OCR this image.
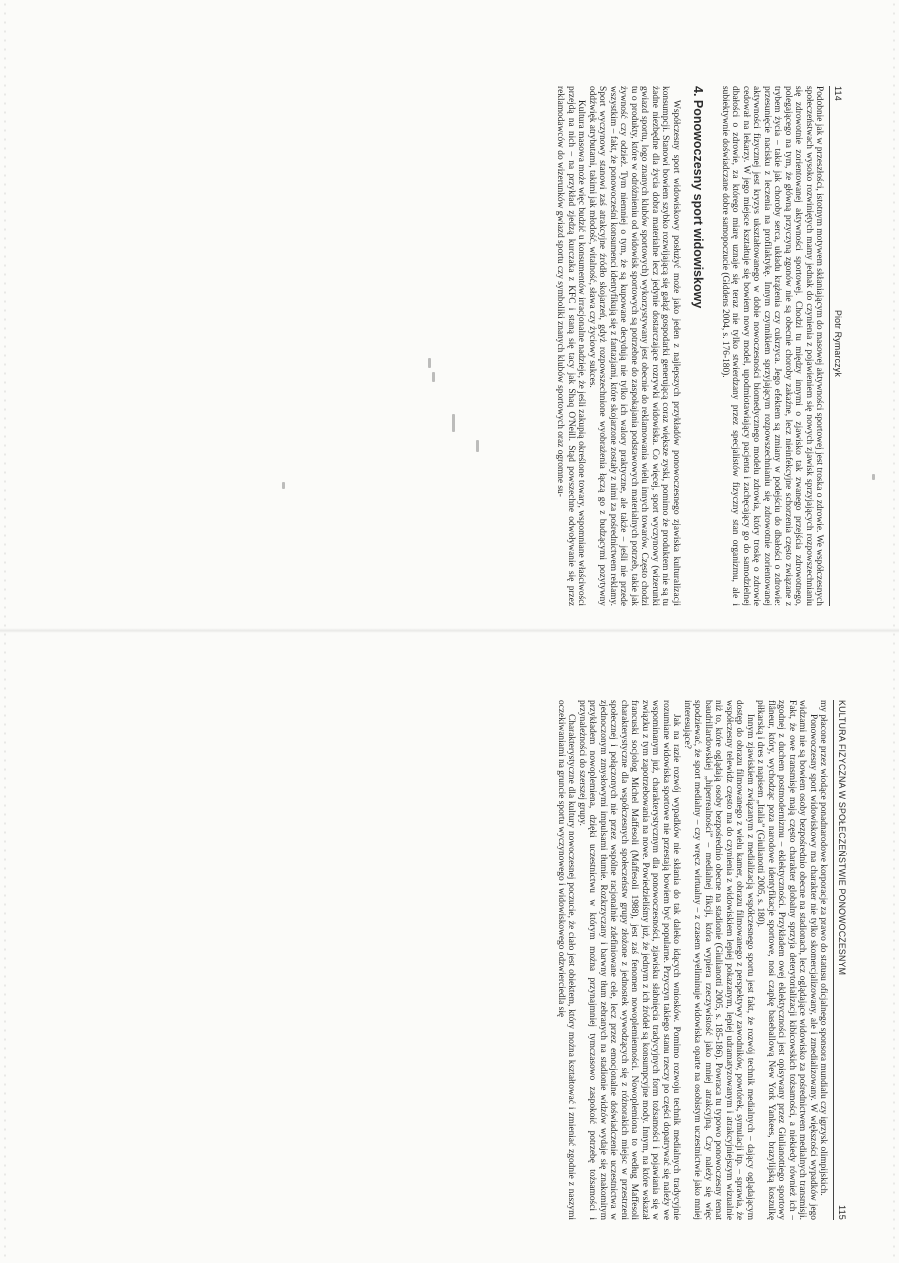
114
Piotr Rymarczyk

Podobnie jak w przeszłości, istotnym motywem skłaniającym do masowej aktywności sportowej jest troska o zdrowie. We współczesnych społeczeństwach wysoko rozwiniętych mamy jednak do czynienia z pojawieniem się nowych zjawisk sprzyjających rozpowszechnianiu się zdrowotnie zorientowanej aktywności sportowej. Chodzi tu między innymi o zjawisko tak zwanego przejścia zdrowotnego, polegającego na tym, że główną przyczyną zgonów nie są obecnie choroby zakaźne, lecz nieinfekcyjne schorzenia często związane z trybem życia – takie jak choroby serca, układu krążenia czy cukrzyca. Jego efektem są zmiany w podejściu do dbałości o zdrowie: przesunięcie nacisku z leczenia na profilaktykę. Innym czynnikiem sprzyjającym rozpowszechnianiu się zdrowotnie zorientowanej aktywności fizycznej jest kryzys ukształtowanego w dobie nowoczesności biomedycznego modelu zdrowia, który troskę o zdrowie cedował na lekarzy. W jego miejsce kształtuje się bowiem nowy model, upodmiotawiający pacjenta i zachęcający go do samodzielnej dbałości o zdrowie, za którego miarę uznaje się teraz nie tylko stwierdzany przez specjalistów fizyczny stan organizmu, ale i subiektywnie doświadczane dobre samopoczucie (Giddens 2004, s. 176-180).

4. Ponowoczesny sport widowiskowy

Współczesny sport widowiskowy posłużyć może jako jeden z najlepszych przykładów ponowoczesnego zjawiska kulturalizacji konsumpcji. Stanowi bowiem szybko rozwijającą się gałąź gospodarki generującą coraz większe zyski, pomimo że produktem nie są tu żadne niezbędne dla życia dobra materialne lecz jedynie dostarczające rozrywki widowiska. Co więcej, sport wyczynowy (wizerunki gwiazd sportu, logo znanych klubów sportowych) wykorzystywany jest obecnie do reklamowania wielu innych towarów. Często chodzi tu o produkty, które w odróżnieniu od widowisk sportowych są potrzebne do zaspokajania podstawowych materialnych potrzeb, takie jak żywność czy odzież. Tym niemniej o tym, że są kupowane decydują nie tylko ich walory praktyczne, ale także – jeśli nie przede wszystkim – fakt, że ponowocześni konsumenci identyfikują się z fantazjami, które skojarzone zostały z nimi za pośrednictwem reklamy. Sport wyczynowy stanowi zaś atrakcyjne źródło skojarzeń, gdyż rozpowszechnione wyobrażenia łączą go z budzącymi pozytywny oddźwięk atrybutami, takimi jak młodość, witalność, sława czy życiowy sukces.

Kultura masowa może więc budzić u konsumentów irracjonalne nadzieje, że jeśli zakupią określone towary, wspomniane właściwości przejdą na nich – na przykład zjedzą kurczaka z KFC i staną się tacy jak Shaq O'Neill. Stąd powszechne odwoływanie się przez reklamodawców do wizerunków gwiazd sportu czy symboliki znanych klubów sportowych oraz ogromne su-

KULTURA FIZYCZNA W SPOŁECZEŃSTWIE PONOWOCZESNYM
115

my płacone przez wiodące ponadnarodowe korporacje za prawo do statusu oficjalnego sponsora mundialu czy igrzysk olimpijskich.

Ponowoczesny sport widowiskowy ma charakter nie tylko skomercjalizowany, ale i zmedializowany. W większości wypadków jego widzami nie są bowiem osoby bezpośrednio obecne na stadionach, lecz oglądające widowisko za pośrednictwem medialnych transmisji. Fakt, że owe transmisje mają często charakter globalny sprzyja deterytorializacji kibicowskich tożsamości, a niekiedy również ich – zgodnej z duchem postmodernizmu – eklektyczności. Przykładem owej eklektyczności jest opisywany przez Giulianottiego sportowy flâneur, który, wychodząc poza narodowe identyfikacje sportowe, nosi czapkę baseballową New York Yankees, brazylijską koszulkę piłkarską i dres z napisem „Italia” (Giulianotti 2005, s. 180).

Innym zjawiskiem związanym z medializacją współczesnego sportu jest fakt, że rozwój technik medialnych – dający oglądającym dostęp do obrazu filmowanego z wielu kamer, obrazu filmowanego z perspektywy zawodników, powtórek, symulacji itp. – sprawia, że współczesny telewidz często ma do czynienia z widowiskiem lepiej pokazanym, lepiej udramatyzowanym i atrakcyjniejszym wizualnie niż to, które oglądają osoby bezpośrednio obecne na stadionie (Giulianotti 2005, s. 185-186). Powraca tu typowo ponowoczesny temat baudrillardowskiej „hiperrealności” – medialnej fikcji, która wypiera rzeczywistość jako mniej atrakcyjną. Czy należy się więc spodziewać, że sport medialny – czy wręcz wirtualny – z czasem wyeliminuje widowiska oparte na osobistym uczestnictwie jako mniej interesujące?

Jak na razie rozwój wypadków nie skłania do tak daleko idących wniosków. Pomimo rozwoju technik medialnych tradycyjnie rozumiane widowiska sportowe nie przestają bowiem być popularne. Przyczyn takiego stanu rzeczy po części dopatrywać się należy we wspominanym już, charakterystycznym dla ponowoczesności, zjawisku słabnięcia tradycyjnych form tożsamości i pojawiania się w związku z tym zapotrzebowania na nowe. Powiedzieliśmy już, że jednym z ich źródeł są konsumpcyjne mody. Innym, na które wskazał francuski socjolog Michel Maffesoli (Maffesoli 1988), jest zaś fenomen nowoplemienności. Nowoplemiona to według Maffesoli charakterystyczne dla współczesnych społeczeństw grupy złożone z jednostek wywodzących się z różnorakich miejsc w przestrzeni społecznej i połączonych nie przez wspólne racjonalnie zdefiniowane cele, lecz przez emocjonalne doświadczenie uczestnictwa w zjednoczonym zmysłowymi impulsami tłumie. Rozkrzyczany i barwny tłum zebranych na stadionie widzów wydaje się znakomitym przykładem nowoplemiena, dzięki uczestnictwu w którym można przynajmniej tymczasowo zaspokoić potrzebę tożsamości i przynależności do szerszej grupy.

Charakterystyczne dla kultury nowoczesnej poczucie, że ciało jest obiektem, który można kształtować i zmieniać zgodnie z naszymi oczekiwaniami na gruncie sportu wyczynowego i widowiskowego odzwierciedla się
